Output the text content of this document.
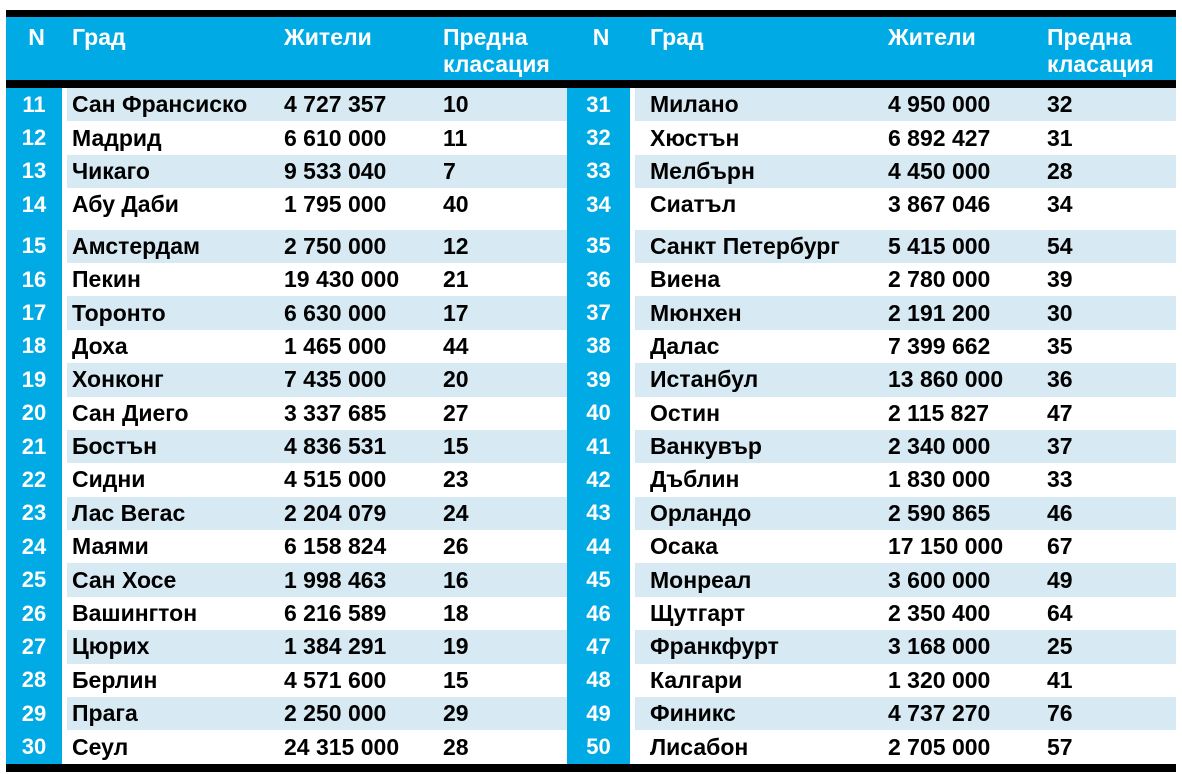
N	Град	Жители	Предна класация
N	Град	Жители	Предна класация
11	Сан Франсиско	4 727 357	10
12	Мадрид	6 610 000	11
13	Чикаго	9 533 040	7
14	Абу Даби	1 795 000	40
15	Амстердам	2 750 000	12
16	Пекин	19 430 000	21
17	Торонто	6 630 000	17
18	Доха	1 465 000	44
19	Хонконг	7 435 000	20
20	Сан Диего	3 337 685	27
21	Бостън	4 836 531	15
22	Сидни	4 515 000	23
23	Лас Вегас	2 204 079	24
24	Маями	6 158 824	26
25	Сан Хосе	1 998 463	16
26	Вашингтон	6 216 589	18
27	Цюрих	1 384 291	19
28	Берлин	4 571 600	15
29	Прага	2 250 000	29
30	Сеул	24 315 000	28
31	Милано	4 950 000	32
32	Хюстън	6 892 427	31
33	Мелбърн	4 450 000	28
34	Сиатъл	3 867 046	34
35	Санкт Петербург	5 415 000	54
36	Виена	2 780 000	39
37	Мюнхен	2 191 200	30
38	Далас	7 399 662	35
39	Истанбул	13 860 000	36
40	Остин	2 115 827	47
41	Ванкувър	2 340 000	37
42	Дъблин	1 830 000	33
43	Орландо	2 590 865	46
44	Осака	17 150 000	67
45	Монреал	3 600 000	49
46	Щутгарт	2 350 400	64
47	Франкфурт	3 168 000	25
48	Калгари	1 320 000	41
49	Финикс	4 737 270	76
50	Лисабон	2 705 000	57
